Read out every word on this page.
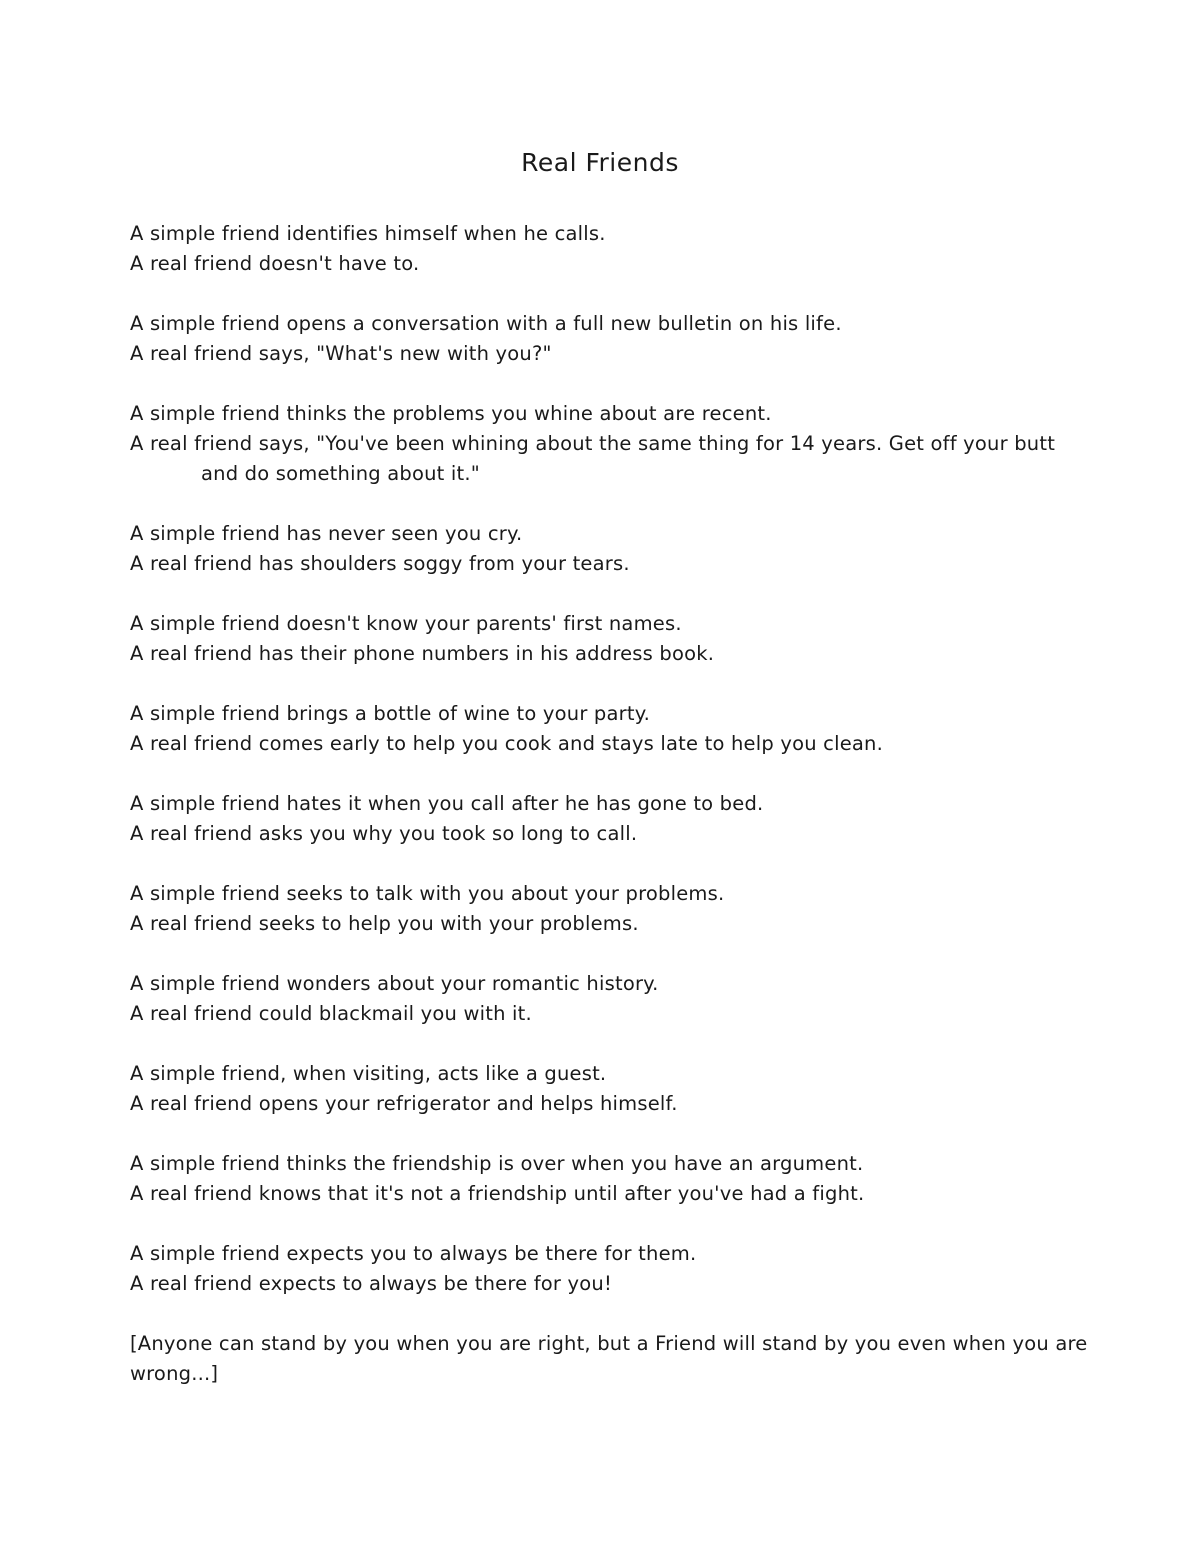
Real Friends
A simple friend identifies himself when he calls.
A real friend doesn't have to.
A simple friend opens a conversation with a full new bulletin on his life.
A real friend says, "What's new with you?"
A simple friend thinks the problems you whine about are recent.
A real friend says, "You've been whining about the same thing for 14 years. Get off your butt and do something about it."
A simple friend has never seen you cry.
A real friend has shoulders soggy from your tears.
A simple friend doesn't know your parents' first names.
A real friend has their phone numbers in his address book.
A simple friend brings a bottle of wine to your party.
A real friend comes early to help you cook and stays late to help you clean.
A simple friend hates it when you call after he has gone to bed.
A real friend asks you why you took so long to call.
A simple friend seeks to talk with you about your problems.
A real friend seeks to help you with your problems.
A simple friend wonders about your romantic history.
A real friend could blackmail you with it.
A simple friend, when visiting, acts like a guest.
A real friend opens your refrigerator and helps himself.
A simple friend thinks the friendship is over when you have an argument.
A real friend knows that it's not a friendship until after you've had a fight.
A simple friend expects you to always be there for them.
A real friend expects to always be there for you!

[Anyone can stand by you when you are right, but a Friend will stand by you even when you are wrong...]
